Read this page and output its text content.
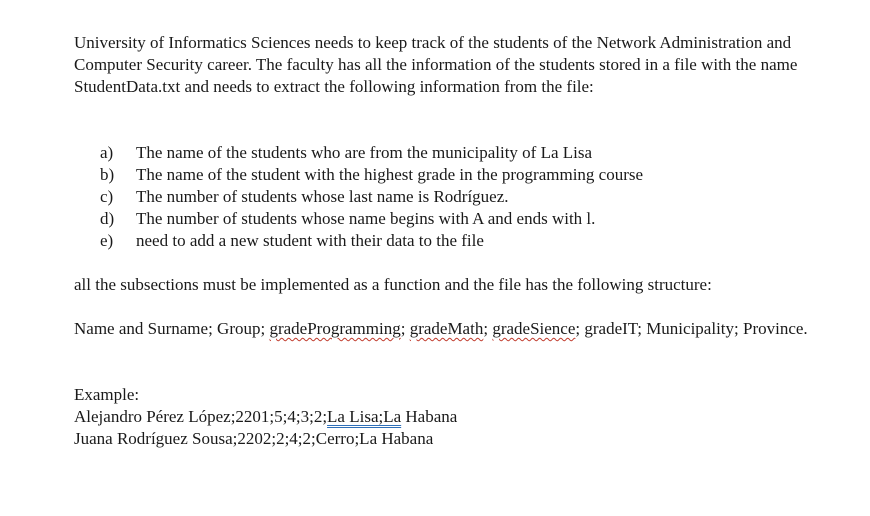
University of Informatics Sciences needs to keep track of the students of the Network Administration and Computer Security career. The faculty has all the information of the students stored in a file with the name StudentData.txt and needs to extract the following information from the file:

a)	The name of the students who are from the municipality of La Lisa
b)	The name of the student with the highest grade in the programming course
c)	The number of students whose last name is Rodríguez.
d)	The number of students whose name begins with A and ends with l.
e)	need to add a new student with their data to the file

all the subsections must be implemented as a function and the file has the following structure:

Name and Surname; Group; gradeProgramming; gradeMath; gradeSience; gradeIT; Municipality; Province.

Example:
Alejandro Pérez López;2201;5;4;3;2;La Lisa;La Habana
Juana Rodríguez Sousa;2202;2;4;2;Cerro;La Habana
